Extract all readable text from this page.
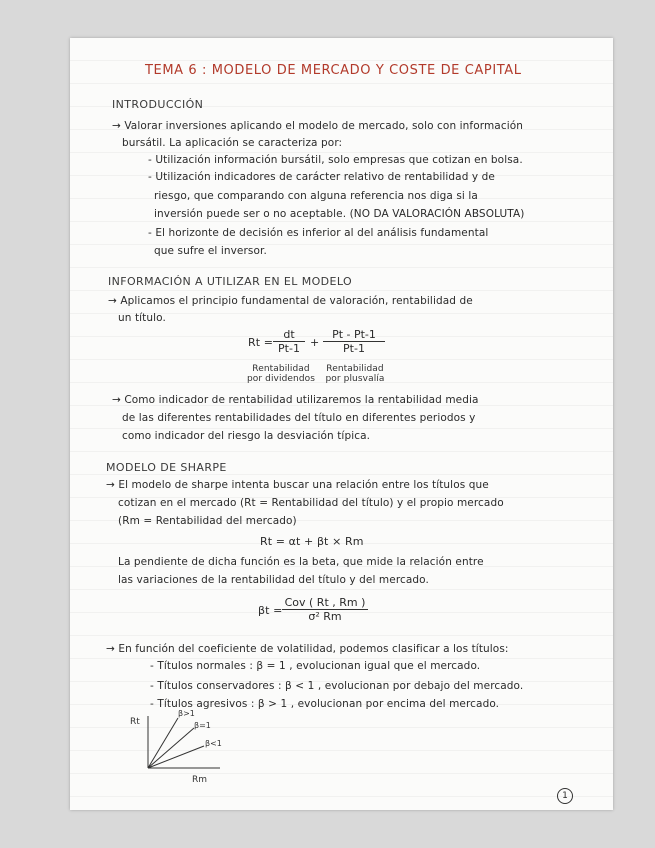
TEMA 6 : MODELO DE MERCADO Y COSTE DE CAPITAL
INTRODUCCIÓN
→ Valorar inversiones aplicando el modelo de mercado, solo con información
bursátil. La aplicación se caracteriza por:
- Utilización información bursátil, solo empresas que cotizan en bolsa.
- Utilización indicadores de carácter relativo de rentabilidad y de
riesgo, que comparando con alguna referencia nos diga si la
inversión puede ser o no aceptable. (NO DA VALORACIÓN ABSOLUTA)
- El horizonte de decisión es inferior al del análisis fundamental
que sufre el inversor.
INFORMACIÓN A UTILIZAR EN EL MODELO
→ Aplicamos el principio fundamental de valoración, rentabilidad de
un título.
$Rt = \frac{dt}{Pt-1} + \frac{Pt - Pt-1}{Pt-1}$
Rentabilidad por dividendos
Rentabilidad por plusvalía
→ Como indicador de rentabilidad utilizaremos la rentabilidad media
de las diferentes rentabilidades del título en diferentes periodos y
como indicador del riesgo la desviación típica.
MODELO DE SHARPE
→ El modelo de sharpe intenta buscar una relación entre los títulos que
cotizan en el mercado (Rt = Rentabilidad del título) y el propio mercado
(Rm = Rentabilidad del mercado)
Rt = αt + βt × Rm
La pendiente de dicha función es la beta, que mide la relación entre
las variaciones de la rentabilidad del título y del mercado.
βt =
Cov ( Rt , Rm )
σ² Rm
→ En función del coeficiente de volatilidad, podemos clasificar a los títulos:
- Títulos normales : β = 1 , evolucionan igual que el mercado.
- Títulos conservadores : β < 1 , evolucionan por debajo del mercado.
- Títulos agresivos : β > 1 , evolucionan por encima del mercado.
Rt
Rm
β>1
β=1
β<1
1
